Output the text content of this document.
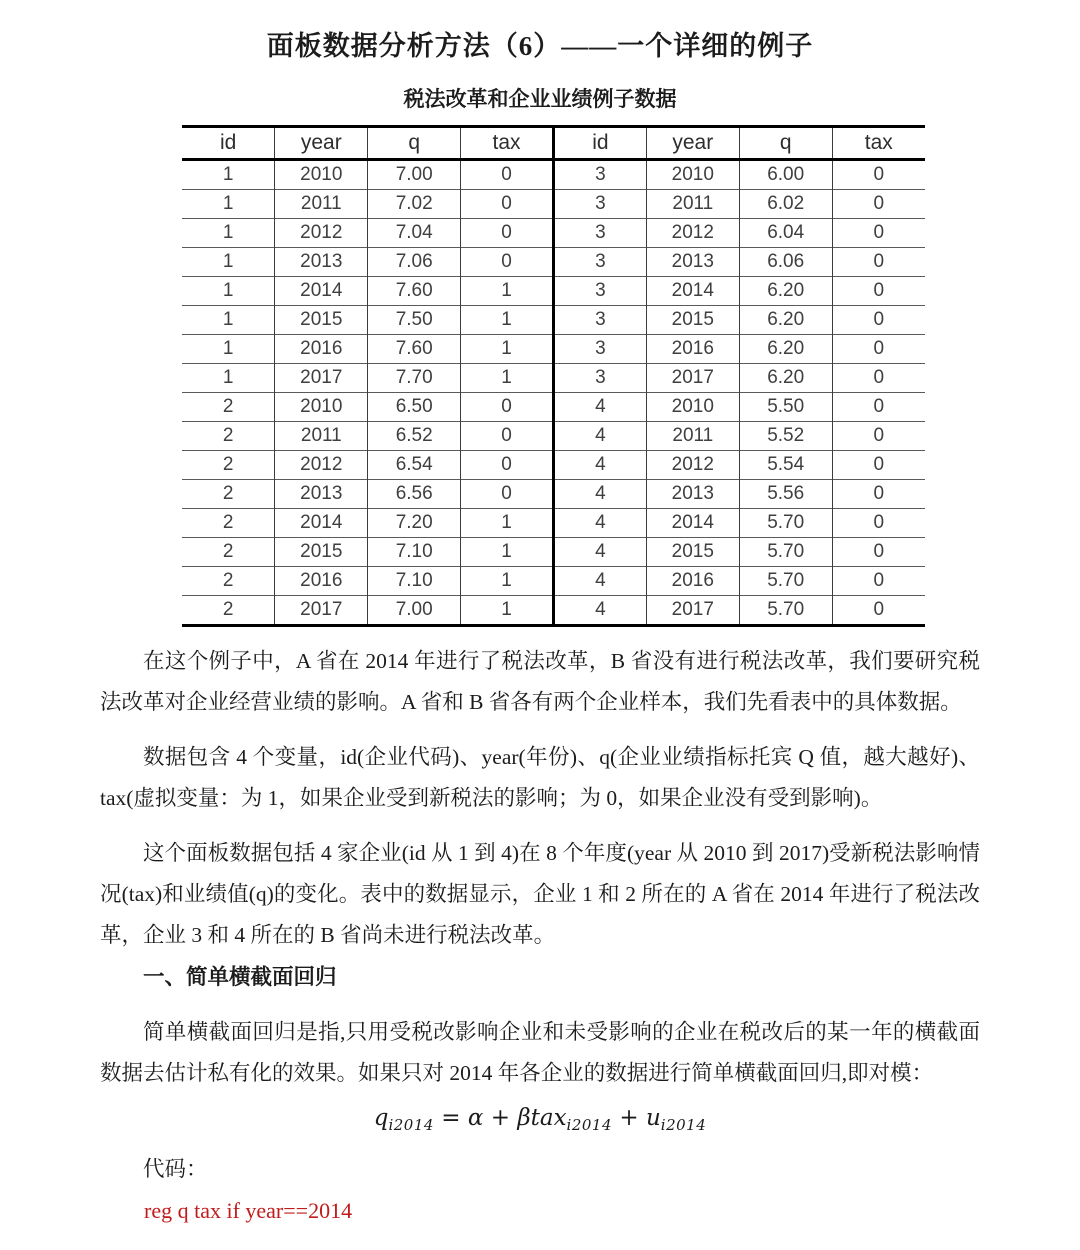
面板数据分析方法（6）——一个详细的例子
税法改革和企业业绩例子数据
id	year	q	tax	id	year	q	tax
1	2010	7.00	0	3	2010	6.00	0
1	2011	7.02	0	3	2011	6.02	0
1	2012	7.04	0	3	2012	6.04	0
1	2013	7.06	0	3	2013	6.06	0
1	2014	7.60	1	3	2014	6.20	0
1	2015	7.50	1	3	2015	6.20	0
1	2016	7.60	1	3	2016	6.20	0
1	2017	7.70	1	3	2017	6.20	0
2	2010	6.50	0	4	2010	5.50	0
2	2011	6.52	0	4	2011	5.52	0
2	2012	6.54	0	4	2012	5.54	0
2	2013	6.56	0	4	2013	5.56	0
2	2014	7.20	1	4	2014	5.70	0
2	2015	7.10	1	4	2015	5.70	0
2	2016	7.10	1	4	2016	5.70	0
2	2017	7.00	1	4	2017	5.70	0

在这个例子中，A 省在 2014 年进行了税法改革，B 省没有进行税法改革，我们要研究税法改革对企业经营业绩的影响。A 省和 B 省各有两个企业样本，我们先看表中的具体数据。

数据包含 4 个变量，id(企业代码)、year(年份)、q(企业业绩指标托宾 Q 值，越大越好)、tax(虚拟变量：为 1，如果企业受到新税法的影响；为 0，如果企业没有受到影响)。

这个面板数据包括 4 家企业(id 从 1 到 4)在 8 个年度(year 从 2010 到 2017)受新税法影响情况(tax)和业绩值(q)的变化。表中的数据显示，企业 1 和 2 所在的 A 省在 2014 年进行了税法改革，企业 3 和 4 所在的 B 省尚未进行税法改革。

一、简单横截面回归

简单横截面回归是指,只用受税改影响企业和未受影响的企业在税改后的某一年的横截面数据去估计私有化的效果。如果只对 2014 年各企业的数据进行简单横截面回归,即对模：

$q_{i2014} = \alpha + \beta tax_{i2014} + u_{i2014}$

代码：

reg q tax if year==2014
